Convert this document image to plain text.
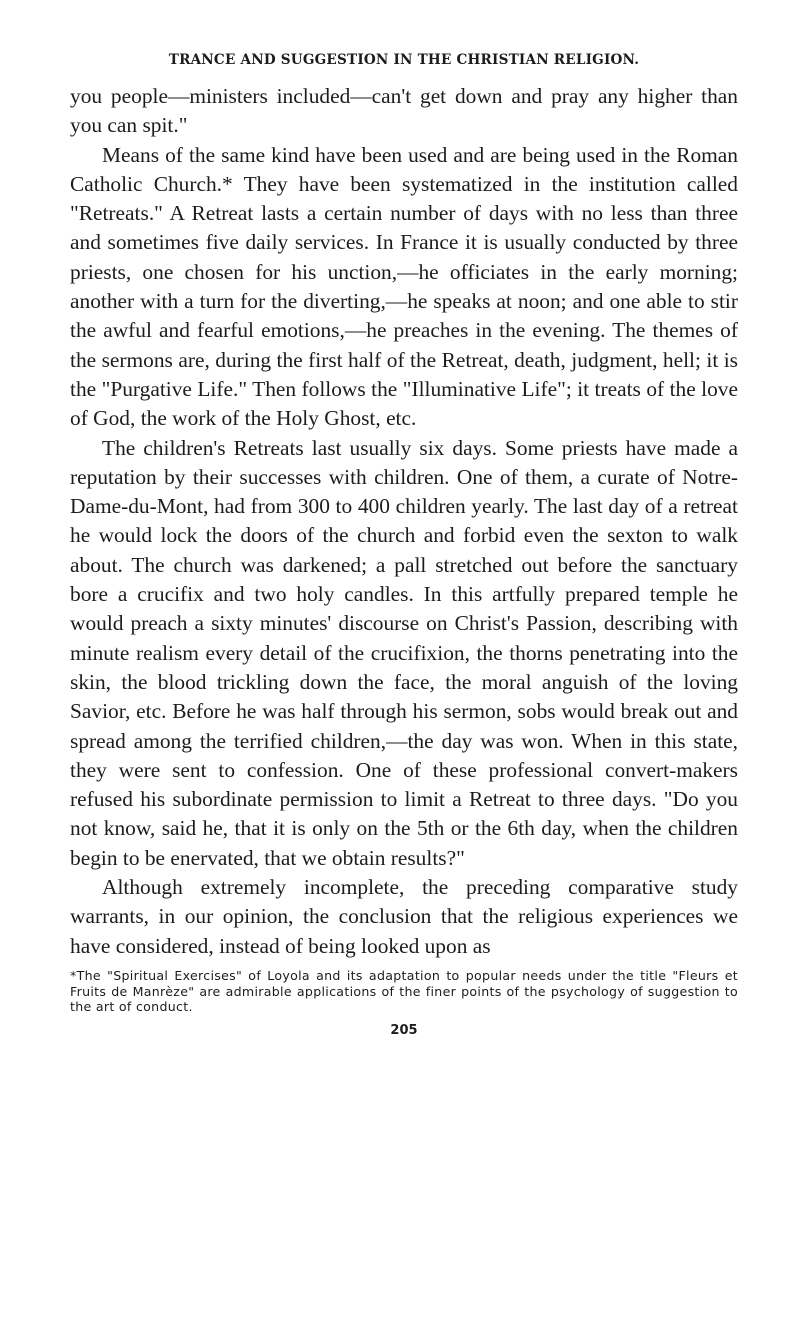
TRANCE AND SUGGESTION IN THE CHRISTIAN RELIGION.

you people—ministers included—can't get down and pray any higher than you can spit."

Means of the same kind have been used and are being used in the Roman Catholic Church.* They have been systematized in the institution called "Retreats." A Retreat lasts a certain number of days with no less than three and sometimes five daily services. In France it is usually conducted by three priests, one chosen for his unction,—he officiates in the early morning; another with a turn for the diverting,—he speaks at noon; and one able to stir the awful and fearful emotions,—he preaches in the evening. The themes of the sermons are, during the first half of the Retreat, death, judgment, hell; it is the "Purgative Life." Then follows the "Illuminative Life"; it treats of the love of God, the work of the Holy Ghost, etc.

The children's Retreats last usually six days. Some priests have made a reputation by their successes with children. One of them, a curate of Notre-Dame-du-Mont, had from 300 to 400 children yearly. The last day of a retreat he would lock the doors of the church and forbid even the sexton to walk about. The church was darkened; a pall stretched out before the sanctuary bore a crucifix and two holy candles. In this artfully prepared temple he would preach a sixty minutes' discourse on Christ's Passion, describing with minute realism every detail of the crucifixion, the thorns penetrating into the skin, the blood trickling down the face, the moral anguish of the loving Savior, etc. Before he was half through his sermon, sobs would break out and spread among the terrified children,—the day was won. When in this state, they were sent to confession. One of these professional convert-makers refused his subordinate permission to limit a Retreat to three days. "Do you not know, said he, that it is only on the 5th or the 6th day, when the children begin to be enervated, that we obtain results?"

Although extremely incomplete, the preceding comparative study warrants, in our opinion, the conclusion that the religious experiences we have considered, instead of being looked upon as

*The "Spiritual Exercises" of Loyola and its adaptation to popular needs under the title "Fleurs et Fruits de Manrèze" are admirable applications of the finer points of the psychology of suggestion to the art of conduct.
205
